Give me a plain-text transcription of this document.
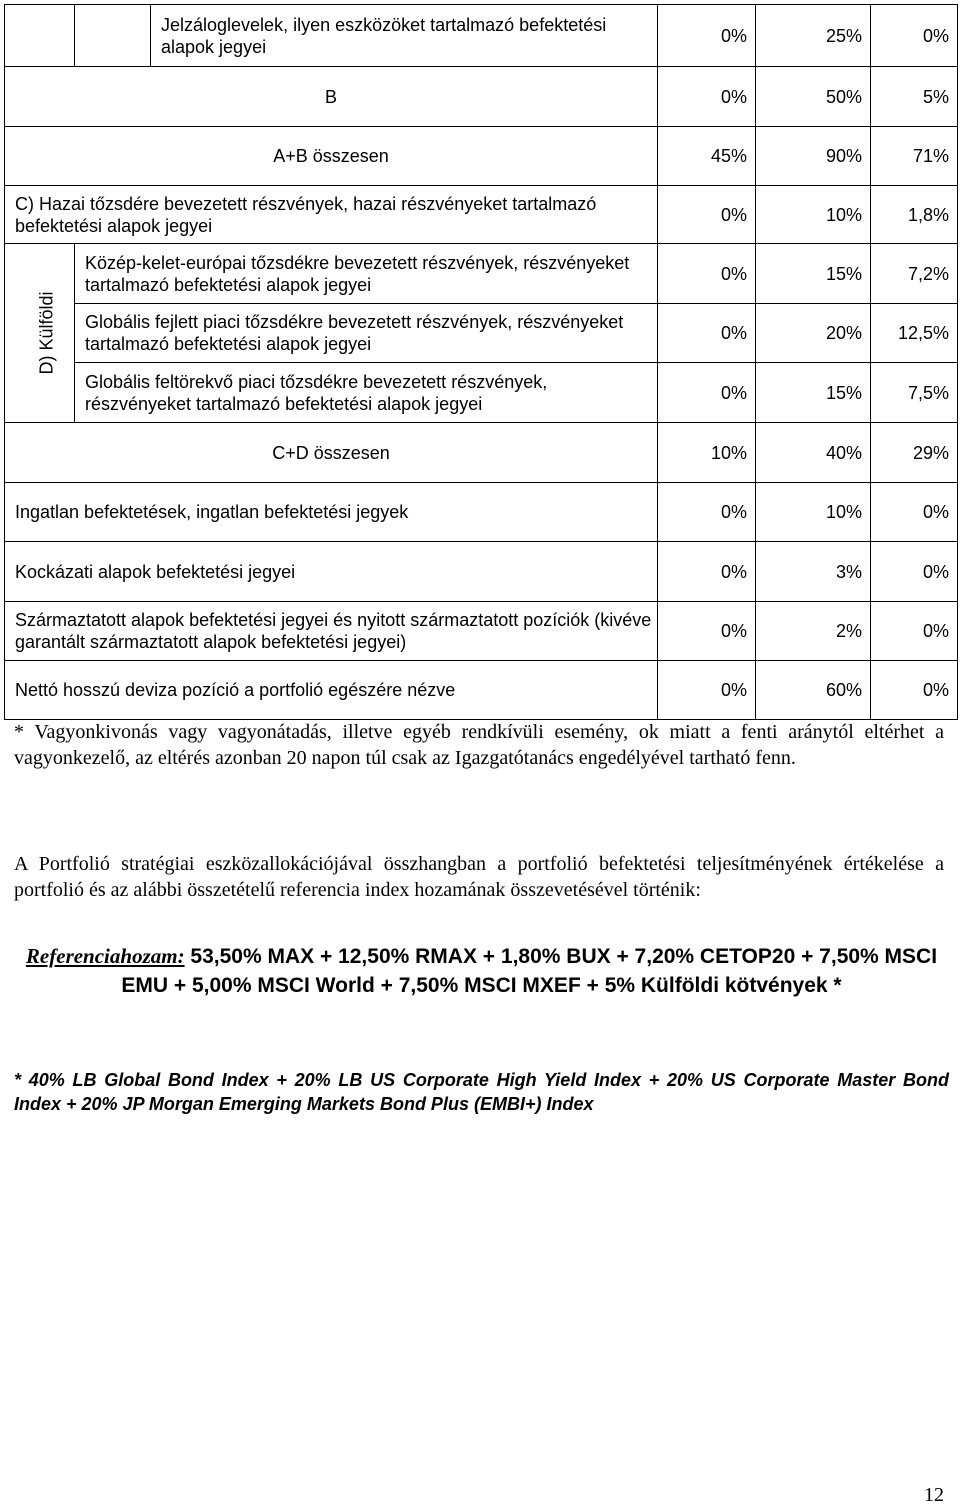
		Jelzáloglevelek, ilyen eszközöket tartalmazó befektetési alapok jegyei	0%	25%	0%
B			0%	50%	5%
A+B összesen			45%	90%	71%
C) Hazai tőzsdére bevezetett részvények, hazai részvényeket tartalmazó befektetési alapok jegyei			0%	10%	1,8%
D) Külföldi	Közép-kelet-európai tőzsdékre bevezetett részvények, részvényeket tartalmazó befektetési alapok jegyei		0%	15%	7,2%
	Globális fejlett piaci tőzsdékre bevezetett részvények, részvényeket tartalmazó befektetési alapok jegyei		0%	20%	12,5%
	Globális feltörekvő piaci tőzsdékre bevezetett részvények, részvényeket tartalmazó befektetési alapok jegyei		0%	15%	7,5%
C+D összesen			10%	40%	29%
Ingatlan befektetések, ingatlan befektetési jegyek			0%	10%	0%
Kockázati alapok befektetési jegyei			0%	3%	0%
Származtatott alapok befektetési jegyei és nyitott származtatott pozíciók (kivéve garantált származtatott alapok befektetési jegyei)			0%	2%	0%
Nettó hosszú deviza pozíció a portfolió egészére nézve			0%	60%	0%
* Vagyonkivonás vagy vagyonátadás, illetve egyéb rendkívüli esemény, ok miatt a fenti aránytól eltérhet a vagyonkezelő, az eltérés azonban 20 napon túl csak az Igazgatótanács engedélyével tartható fenn.
A Portfolió stratégiai eszközallokációjával összhangban a portfolió befektetési teljesítményének értékelése a portfolió és az alábbi összetételű referencia index hozamának összevetésével történik:
Referenciahozam: 53,50% MAX + 12,50% RMAX + 1,80% BUX + 7,20% CETOP20 + 7,50% MSCI EMU + 5,00% MSCI World + 7,50% MSCI MXEF + 5% Külföldi kötvények *
* 40% LB Global Bond Index + 20% LB US Corporate High Yield Index + 20% US Corporate Master Bond Index + 20% JP Morgan Emerging Markets Bond Plus (EMBI+) Index
12
